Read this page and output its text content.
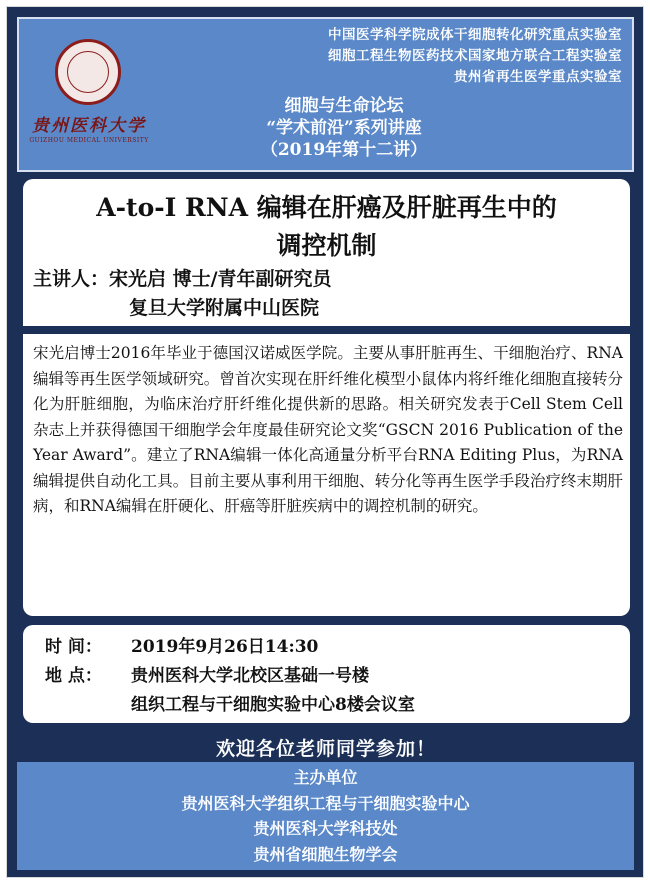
中国医学科学院成体干细胞转化研究重点实验室
细胞工程生物医药技术国家地方联合工程实验室
贵州省再生医学重点实验室
贵州医科大学
GUIZHOU MEDICAL UNIVERSITY
细胞与生命论坛
“学术前沿”系列讲座
（2019年第十二讲）
A-to-I RNA 编辑在肝癌及肝脏再生中的
调控机制
主讲人：宋光启 博士/青年副研究员
复旦大学附属中山医院
宋光启博士2016年毕业于德国汉诺威医学院。主要从事肝脏再生、干细胞治疗、RNA编辑等再生医学领域研究。曾首次实现在肝纤维化模型小鼠体内将纤维化细胞直接转分化为肝脏细胞，为临床治疗肝纤维化提供新的思路。相关研究发表于Cell Stem Cell杂志上并获得德国干细胞学会年度最佳研究论文奖“GSCN 2016 Publication of the Year Award”。建立了RNA编辑一体化高通量分析平台RNA Editing Plus，为RNA编辑提供自动化工具。目前主要从事利用干细胞、转分化等再生医学手段治疗终末期肝病，和RNA编辑在肝硬化、肝癌等肝脏疾病中的调控机制的研究。
时 间：	2019年9月26日14:30
地 点：	贵州医科大学北校区基础一号楼
组织工程与干细胞实验中心8楼会议室
欢迎各位老师同学参加！
主办单位
贵州医科大学组织工程与干细胞实验中心
贵州医科大学科技处
贵州省细胞生物学会
